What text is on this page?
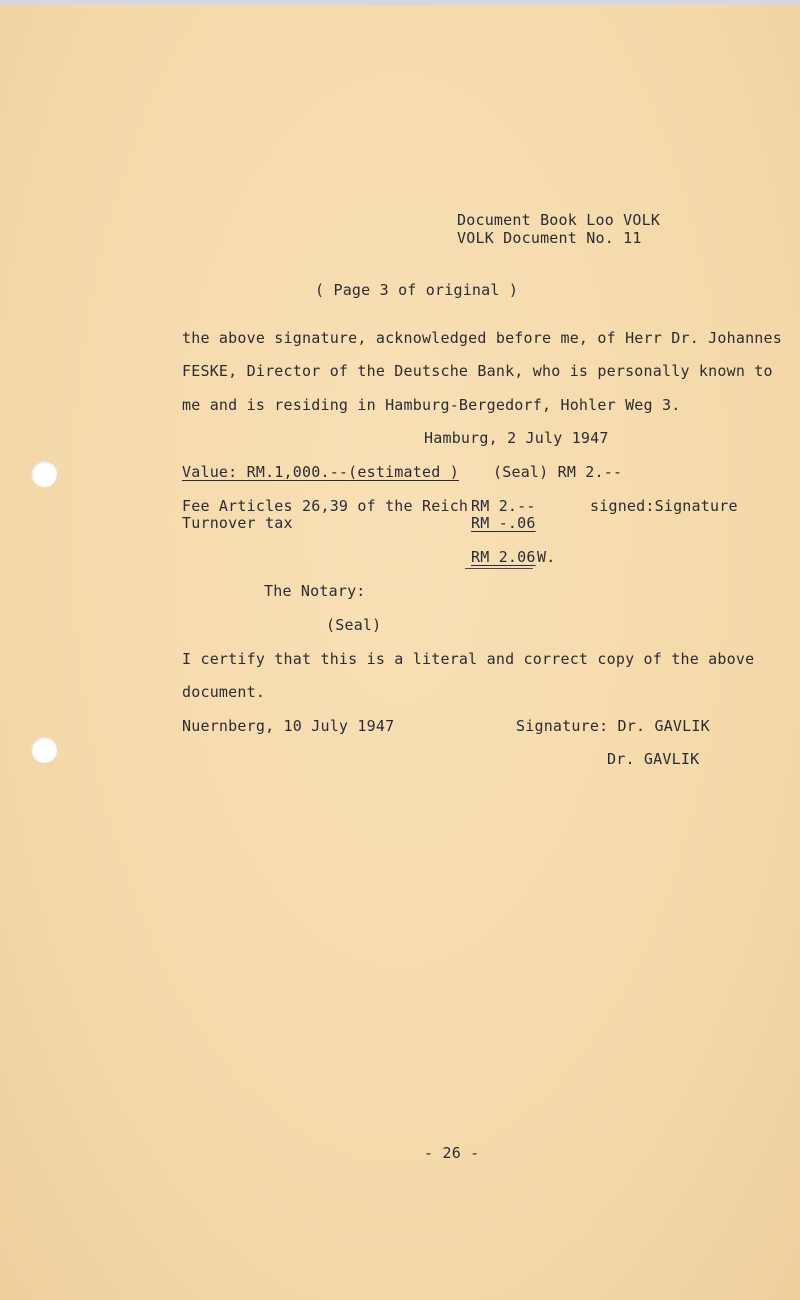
Document Book Loo VOLK
VOLK Document No. 11
( Page 3 of original )
the above signature, acknowledged before me, of Herr Dr. Johannes
FESKE, Director of the Deutsche Bank, who is personally known to
me and is residing in Hamburg-Bergedorf, Hohler Weg 3.
Hamburg, 2 July 1947
Value: RM.1,000.--(estimated ) (Seal) RM 2.--
Fee Articles 26,39 of the Reich
Turnover tax
RM 2.--
RM -.06
signed:Signature
RM 2.06 W.
The Notary:
(Seal)
I certify that this is a literal and correct copy of the above
document.
Nuernberg, 10 July 1947	Signature: Dr. GAVLIK
Dr. GAVLIK
- 26 -
